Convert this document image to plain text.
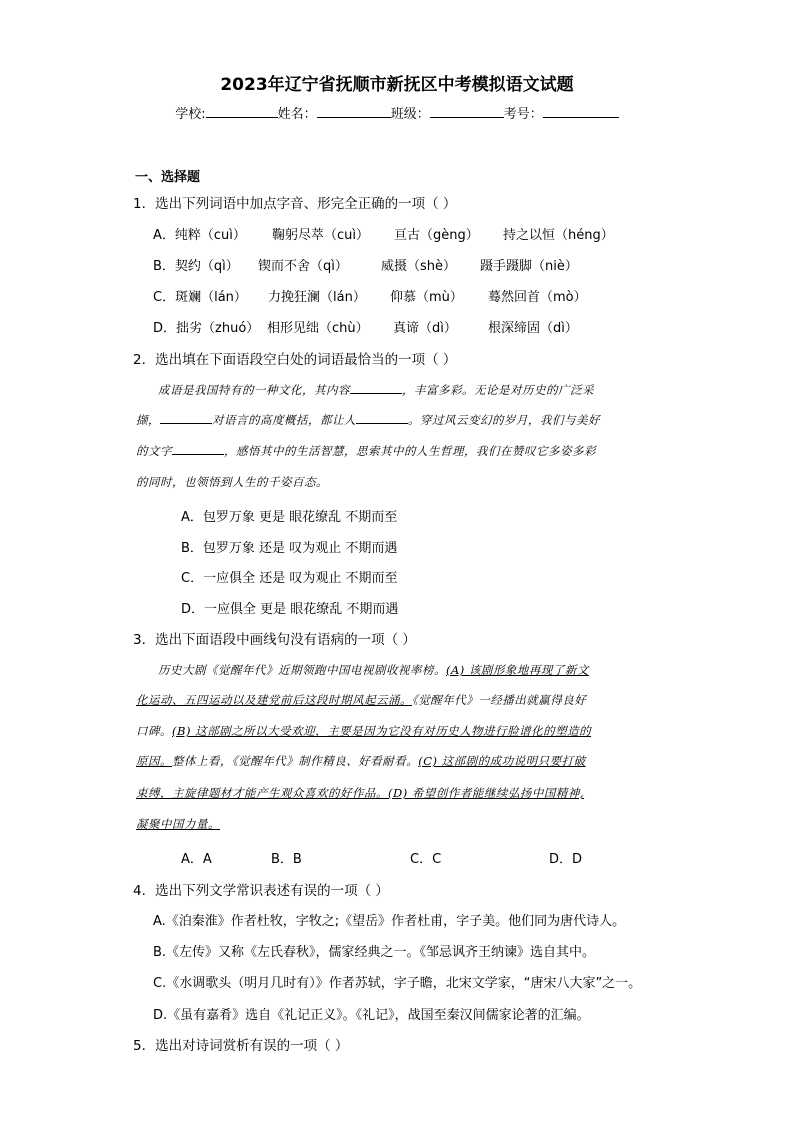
2023年辽宁省抚顺市新抚区中考模拟语文试题
学校:	姓名：	班级：	考号：
一、选择题
1．选出下列词语中加点字音、形完全正确的一项（ ）
A．纯粹（cuì） 鞠躬尽萃（cuì） 亘古（gèng） 持之以恒（héng）
B．契约（qì） 锲而不舍（qì）	威摄（shè） 蹑手蹑脚（niè）
C．斑斓（lán） 力挽狂澜（lán） 仰慕（mù） 蓦然回首（mò）
D．拙劣（zhuó） 相形见绌（chù） 真谛（dì） 根深缔固（dì）
2．选出填在下面语段空白处的词语最恰当的一项（ ）
成语是我国特有的一种文化，其内容	，丰富多彩。无论是对历史的广泛采
撷，	对语言的高度概括，都让人	。穿过风云变幻的岁月，我们与美好
的文字	，感悟其中的生活智慧，思索其中的人生哲理，我们在赞叹它多姿多彩
的同时，也领悟到人生的千姿百态。
A．包罗万象 更是 眼花缭乱 不期而至
B．包罗万象 还是 叹为观止 不期而遇
C．一应俱全 还是 叹为观止 不期而至
D．一应俱全 更是 眼花缭乱 不期而遇
3．选出下面语段中画线句没有语病的一项（ ）
历史大剧《觉醒年代》近期领跑中国电视剧收视率榜。(A) 该剧形象地再现了新文
化运动、五四运动以及建党前后这段时期风起云涌。《觉醒年代》一经播出就赢得良好
口碑。(B) 这部剧之所以大受欢迎，主要是因为它没有对历史人物进行脸谱化的塑造的
原因。整体上看，《觉醒年代》制作精良、好看耐看。(C) 这部剧的成功说明只要打破
束缚，主旋律题材才能产生观众喜欢的好作品。(D) 希望创作者能继续弘扬中国精神,
凝聚中国力量。
A．A	B．B	C．C	D．D
4．选出下列文学常识表述有误的一项（ ）
A.《泊秦淮》作者杜牧，字牧之;《望岳》作者杜甫，字子美。他们同为唐代诗人。
B.《左传》又称《左氏春秋》，儒家经典之一。《邹忌讽齐王纳谏》选自其中。
C.《水调歌头（明月几时有）》作者苏轼，字子瞻，北宋文学家，“唐宋八大家”之一。
D.《虽有嘉肴》选自《礼记正义》。《礼记》，战国至秦汉间儒家论著的汇编。
5．选出对诗词赏析有误的一项（ ）
